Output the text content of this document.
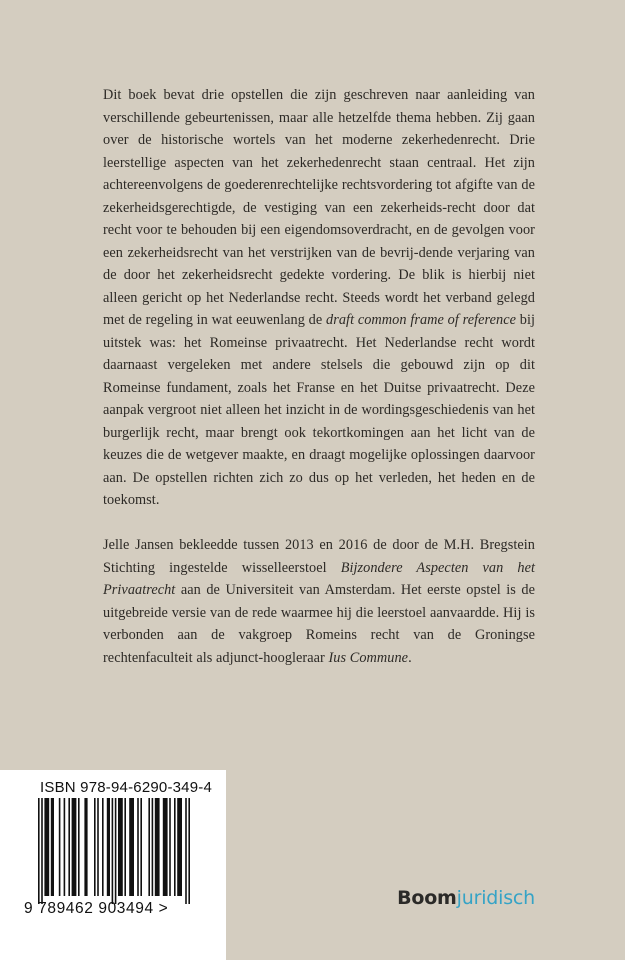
Dit boek bevat drie opstellen die zijn geschreven naar aanleiding van verschillende gebeurtenissen, maar alle hetzelfde thema hebben. Zij gaan over de historische wortels van het moderne zekerhedenrecht. Drie leerstellige aspecten van het zekerhedenrecht staan centraal. Het zijn achtereenvolgens de goederenrechtelijke rechtsvordering tot afgifte van de zekerheidsgerechtigde, de vestiging van een zekerheids-recht door dat recht voor te behouden bij een eigendomsoverdracht, en de gevolgen voor een zekerheidsrecht van het verstrijken van de bevrij-dende verjaring van de door het zekerheidsrecht gedekte vordering. De blik is hierbij niet alleen gericht op het Nederlandse recht. Steeds wordt het verband gelegd met de regeling in wat eeuwenlang de draft common frame of reference bij uitstek was: het Romeinse privaatrecht. Het Nederlandse recht wordt daarnaast vergeleken met andere stelsels die gebouwd zijn op dit Romeinse fundament, zoals het Franse en het Duitse privaatrecht. Deze aanpak vergroot niet alleen het inzicht in de wordingsgeschiedenis van het burgerlijk recht, maar brengt ook tekortkomingen aan het licht van de keuzes die de wetgever maakte, en draagt mogelijke oplossingen daarvoor aan. De opstellen richten zich zo dus op het verleden, het heden en de toekomst.

Jelle Jansen bekleedde tussen 2013 en 2016 de door de M.H. Bregstein Stichting ingestelde wisselleerstoel Bijzondere Aspecten van het Privaatrecht aan de Universiteit van Amsterdam. Het eerste opstel is de uitgebreide versie van de rede waarmee hij die leerstoel aanvaardde. Hij is verbonden aan de vakgroep Romeins recht van de Groningse rechtenfaculteit als adjunct-hoogleraar Ius Commune.

ISBN 978-94-6290-349-4
9 789462 903494 >	Boomjuridisch
